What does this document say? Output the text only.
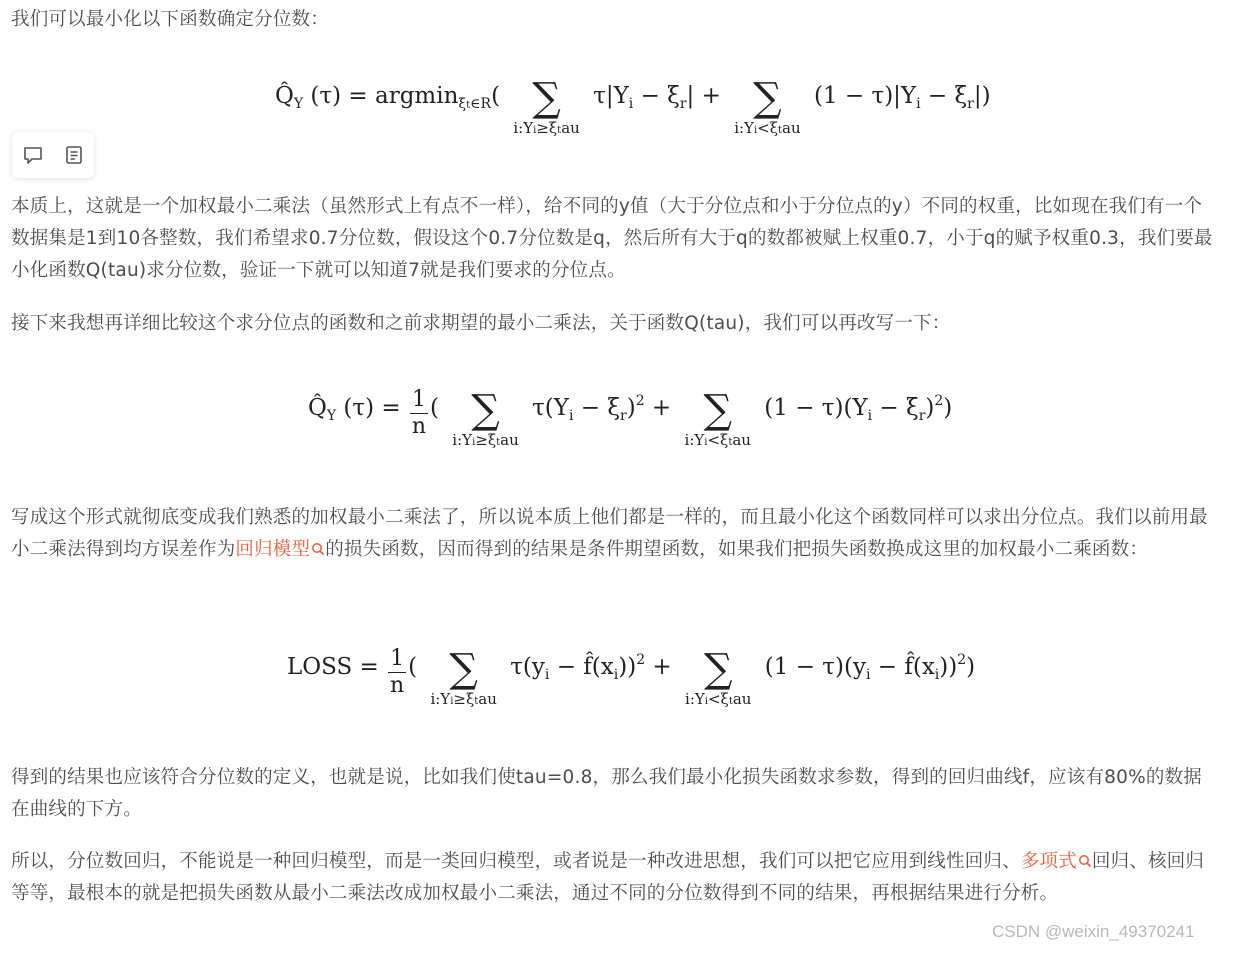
我们可以最小化以下函数确定分位数：

$Q̂_Y$ (τ) = argmin$_{\xi t\in R}$( ∑
i:Yi≥ξtau
$\tau|Y_i - \xi_r|$ + ∑
i:Yi<ξtau
$(1 - \tau)|Y_i - \xi_r|$)

本质上，这就是一个加权最小二乘法（虽然形式上有点不一样），给不同的y值（大于分位点和小于分位点的y）不同的权重，比如现在我们有一个数据集是1到10各整数，我们希望求0.7分位数，假设这个0.7分位数是q，然后所有大于q的数都被赋上权重0.7，小于q的赋予权重0.3，我们要最小化函数Q(tau)求分位数，验证一下就可以知道7就是我们要求的分位点。

接下来我想再详细比较这个求分位点的函数和之前求期望的最小二乘法，关于函数Q(tau)，我们可以再改写一下：

$Q̂_Y$ $(\tau) = \frac{1}{n}$ ( ∑
i:Yi≥ξtau
$\tau(Y_i - \xi_r)^2$ + ∑
i:Yi<ξtau
$(1 - \tau)(Y_i - \xi_r)^2$)

写成这个形式就彻底变成我们熟悉的加权最小二乘法了，所以说本质上他们都是一样的，而且最小化这个函数同样可以求出分位点。我们以前用最小二乘法得到均方误差作为回归模型 的损失函数，因而得到的结果是条件期望函数，如果我们把损失函数换成这里的加权最小二乘函数：

LOSS = $\frac{1}{n}$ ( ∑
i:Yi≥ξtau
$\tau(y_i$ − $f̂(x_i))^2$ + ∑
i:Yi<ξtau
$(1 - \tau)(y_i$ − $f̂(x_i))^2$)

得到的结果也应该符合分位数的定义，也就是说，比如我们使tau=0.8，那么我们最小化损失函数求参数，得到的回归曲线f，应该有80%的数据在曲线的下方。

所以，分位数回归，不能说是一种回归模型，而是一类回归模型，或者说是一种改进思想，我们可以把它应用到线性回归、多项式 回归、核回归等等，最根本的就是把损失函数从最小二乘法改成加权最小二乘法，通过不同的分位数得到不同的结果，再根据结果进行分析。

CSDN @weixin_49370241
